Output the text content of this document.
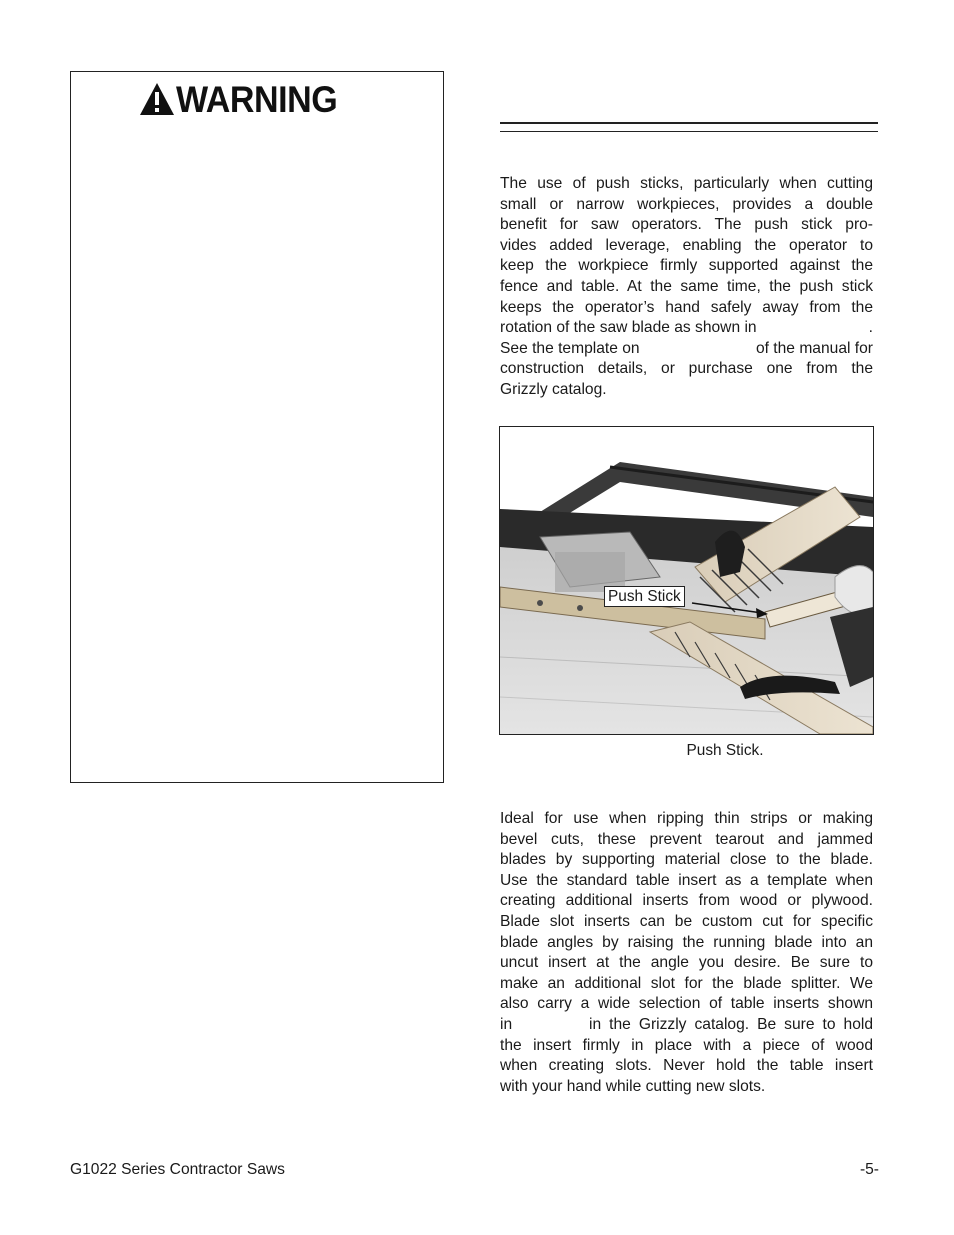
WARNING
The use of push sticks, particularly when cutting
small or narrow workpieces, provides a double
benefit for saw operators. The push stick pro-
vides added leverage, enabling the operator to
keep the workpiece firmly supported against the
fence and table. At the same time, the push stick
keeps the operator’s hand safely away from the
rotation of the saw blade as shown in	.
See the template on	of the manual for
construction details, or purchase one from the
Grizzly catalog.
Push Stick
Push Stick.
Ideal for use when ripping thin strips or making
bevel cuts, these prevent tearout and jammed
blades by supporting material close to the blade.
Use the standard table insert as a template when
creating additional inserts from wood or plywood.
Blade slot inserts can be custom cut for specific
blade angles by raising the running blade into an
uncut insert at the angle you desire. Be sure to
make an additional slot for the blade splitter. We
also carry a wide selection of table inserts shown
in	in the Grizzly catalog. Be sure to hold
the insert firmly in place with a piece of wood
when creating slots. Never hold the table insert
with your hand while cutting new slots.
G1022 Series Contractor Saws	-5-
